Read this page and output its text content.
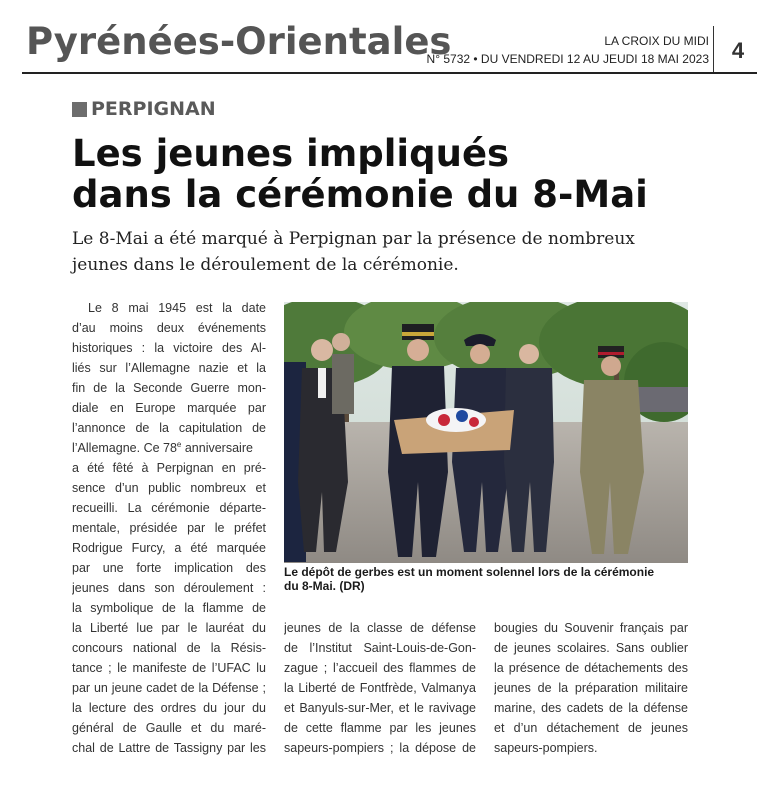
Pyrénées-Orientales	LA CROIX DU MIDI
N° 5732 • DU VENDREDI 12 AU JEUDI 18 MAI 2023	4
PERPIGNAN
Les jeunes impliqués
dans la cérémonie du 8-Mai
Le 8-Mai a été marqué à Perpignan par la présence de nombreux
jeunes dans le déroulement de la cérémonie.
Le 8 mai 1945 est la date
d’au moins deux événements
historiques : la victoire des Al-
liés sur l’Allemagne nazie et la
fin de la Seconde Guerre mon-
diale en Europe marquée par
l’annonce de la capitulation de
l’Allemagne. Ce 78e anniversaire
a été fêté à Perpignan en pré-
sence d’un public nombreux et
recueilli. La cérémonie départe-
mentale, présidée par le préfet
Rodrigue Furcy, a été marquée
par une forte implication des
jeunes dans son déroulement :
la symbolique de la flamme de
la Liberté lue par le lauréat du
concours national de la Résis-
tance ; le manifeste de l’UFAC lu
par un jeune cadet de la Défense ;
la lecture des ordres du jour du
général de Gaulle et du maré-
chal de Lattre de Tassigny par les
Le dépôt de gerbes est un moment solennel lors de la cérémonie
du 8-Mai. (DR)
jeunes de la classe de défense
de l’Institut Saint-Louis-de-Gon-
zague ; l’accueil des flammes de
la Liberté de Fontfrède, Valmanya
et Banyuls-sur-Mer, et le ravivage
de cette flamme par les jeunes
sapeurs-pompiers ; la dépose de
bougies du Souvenir français par
de jeunes scolaires. Sans oublier
la présence de détachements des
jeunes de la préparation militaire
marine, des cadets de la défense
et d’un détachement de jeunes
sapeurs-pompiers.
